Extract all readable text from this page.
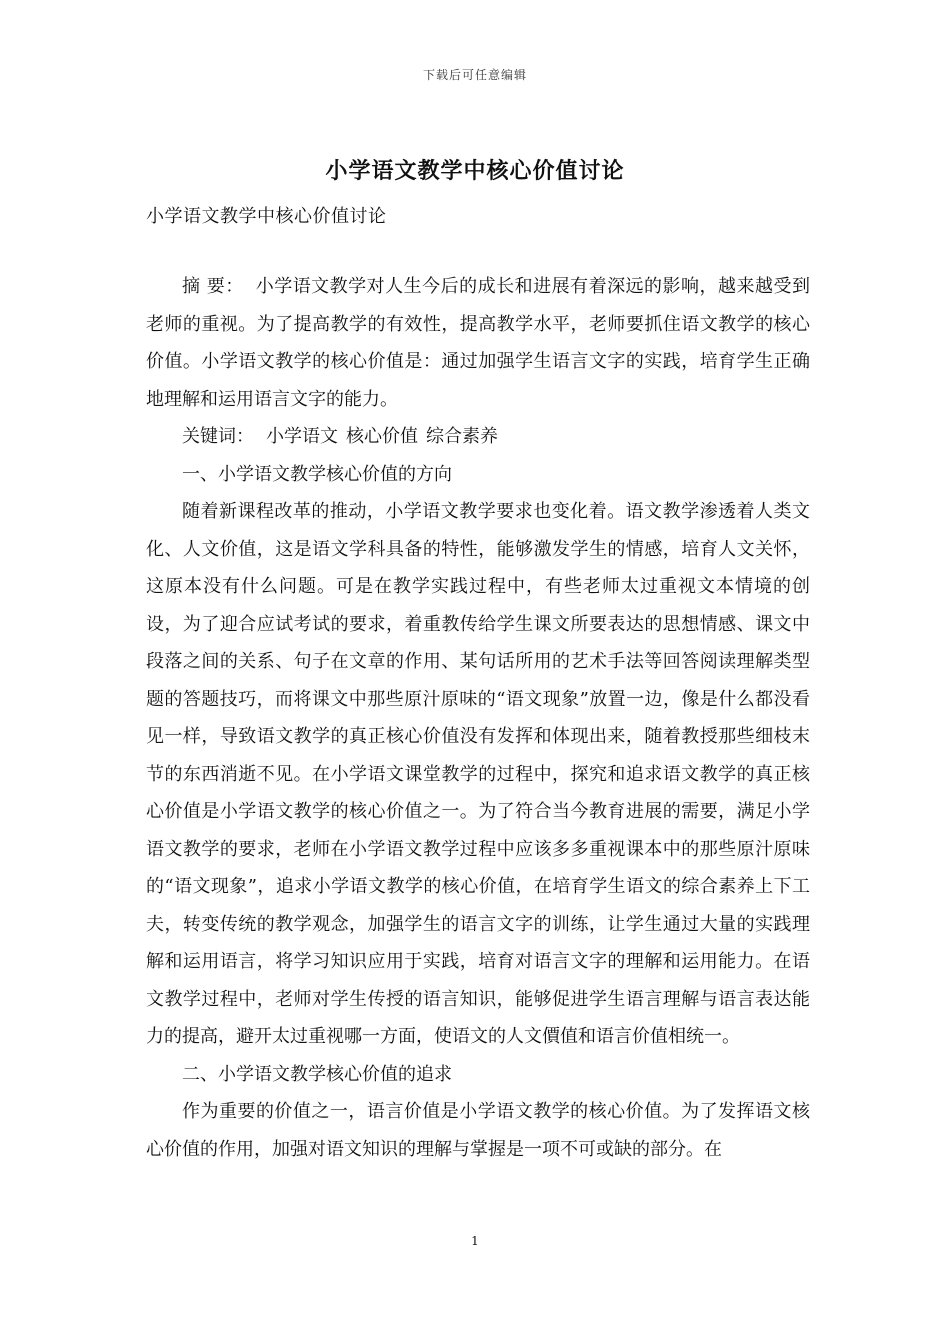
下载后可任意编辑
小学语文教学中核心价值讨论
小学语文教学中核心价值讨论

摘 要： 小学语文教学对人生今后的成长和进展有着深远的影响，越来越受到老师的重视。为了提高教学的有效性，提高教学水平，老师要抓住语文教学的核心价值。小学语文教学的核心价值是：通过加强学生语言文字的实践，培育学生正确地理解和运用语言文字的能力。

关键词： 小学语文 核心价值 综合素养

一、小学语文教学核心价值的方向

随着新课程改革的推动，小学语文教学要求也变化着。语文教学渗透着人类文化、人文价值，这是语文学科具备的特性，能够激发学生的情感，培育人文关怀，这原本没有什么问题。可是在教学实践过程中，有些老师太过重视文本情境的创设，为了迎合应试考试的要求，着重教传给学生课文所要表达的思想情感、课文中段落之间的关系、句子在文章的作用、某句话所用的艺术手法等回答阅读理解类型题的答题技巧，而将课文中那些原汁原味的“语文现象”放置一边，像是什么都没看见一样，导致语文教学的真正核心价值没有发挥和体现出来，随着教授那些细枝末节的东西消逝不见。在小学语文课堂教学的过程中，探究和追求语文教学的真正核心价值是小学语文教学的核心价值之一。为了符合当今教育进展的需要，满足小学语文教学的要求，老师在小学语文教学过程中应该多多重视课本中的那些原汁原味的“语文现象”，追求小学语文教学的核心价值，在培育学生语文的综合素养上下工夫，转变传统的教学观念，加强学生的语言文字的训练，让学生通过大量的实践理解和运用语言，将学习知识应用于实践，培育对语言文字的理解和运用能力。在语文教学过程中，老师对学生传授的语言知识，能够促进学生语言理解与语言表达能力的提高，避开太过重视哪一方面，使语文的人文價值和语言价值相统一。

二、小学语文教学核心价值的追求

作为重要的价值之一，语言价值是小学语文教学的核心价值。为了发挥语文核心价值的作用，加强对语文知识的理解与掌握是一项不可或缺的部分。在

1
